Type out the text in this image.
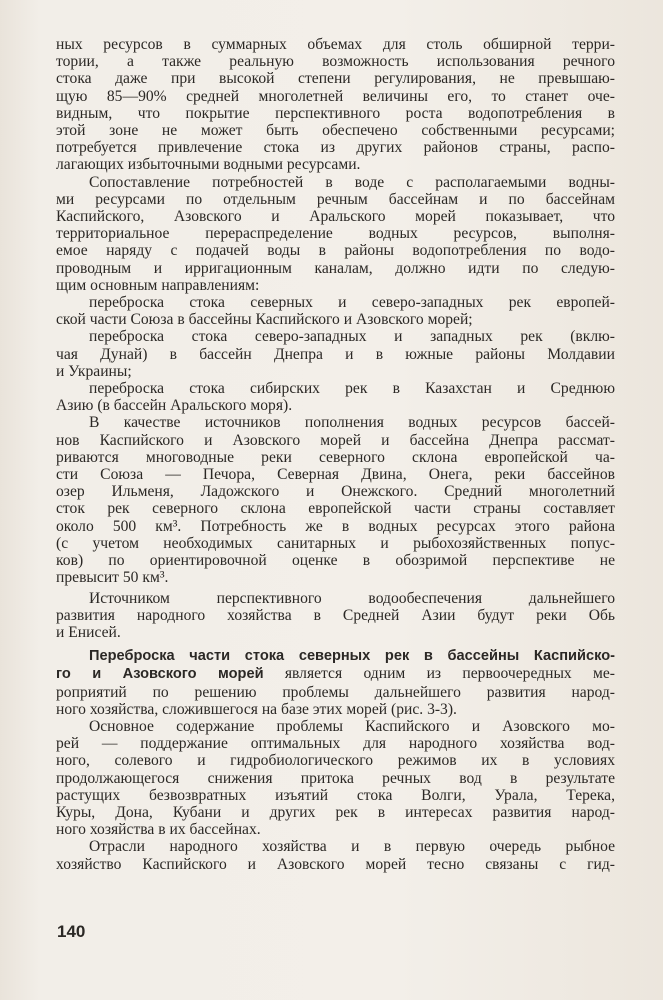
ных ресурсов в суммарных объемах для столь обширной терри-

тории, а также реальную возможность использования речного

стока даже при высокой степени регулирования, не превышаю-

щую 85—90% средней многолетней величины его, то станет оче-

видным, что покрытие перспективного роста водопотребления в

этой зоне не может быть обеспечено собственными ресурсами;

потребуется привлечение стока из других районов страны, распо-

лагающих избыточными водными ресурсами.

Сопоставление потребностей в воде с располагаемыми водны-

ми ресурсами по отдельным речным бассейнам и по бассейнам

Каспийского, Азовского и Аральского морей показывает, что

территориальное перераспределение водных ресурсов, выполня-

емое наряду с подачей воды в районы водопотребления по водо-

проводным и ирригационным каналам, должно идти по следую-

щим основным направлениям:

переброска стока северных и северо-западных рек европей-

ской части Союза в бассейны Каспийского и Азовского морей;

переброска стока северо-западных и западных рек (вклю-

чая Дунай) в бассейн Днепра и в южные районы Молдавии

и Украины;

переброска стока сибирских рек в Казахстан и Среднюю

Азию (в бассейн Аральского моря).

В качестве источников пополнения водных ресурсов бассей-

нов Каспийского и Азовского морей и бассейна Днепра рассмат-

риваются многоводные реки северного склона европейской ча-

сти Союза — Печора, Северная Двина, Онега, реки бассейнов

озер Ильменя, Ладожского и Онежского. Средний многолетний

сток рек северного склона европейской части страны составляет

около 500 км³. Потребность же в водных ресурсах этого района

(с учетом необходимых санитарных и рыбохозяйственных попус-

ков) по ориентировочной оценке в обозримой перспективе не

превысит 50 км³.

Источником перспективного водообеспечения дальнейшего

развития народного хозяйства в Средней Азии будут реки Обь

и Енисей.

Переброска части стока северных рек в бассейны Каспийско-

го и Азовского морей является одним из первоочередных ме-

роприятий по решению проблемы дальнейшего развития народ-

ного хозяйства, сложившегося на базе этих морей (рис. 3-3).

Основное содержание проблемы Каспийского и Азовского мо-

рей — поддержание оптимальных для народного хозяйства вод-

ного, солевого и гидробиологического режимов их в условиях

продолжающегося снижения притока речных вод в результате

растущих безвозвратных изъятий стока Волги, Урала, Терека,

Куры, Дона, Кубани и других рек в интересах развития народ-

ного хозяйства в их бассейнах.

Отрасли народного хозяйства и в первую очередь рыбное

хозяйство Каспийского и Азовского морей тесно связаны с гид-

140
